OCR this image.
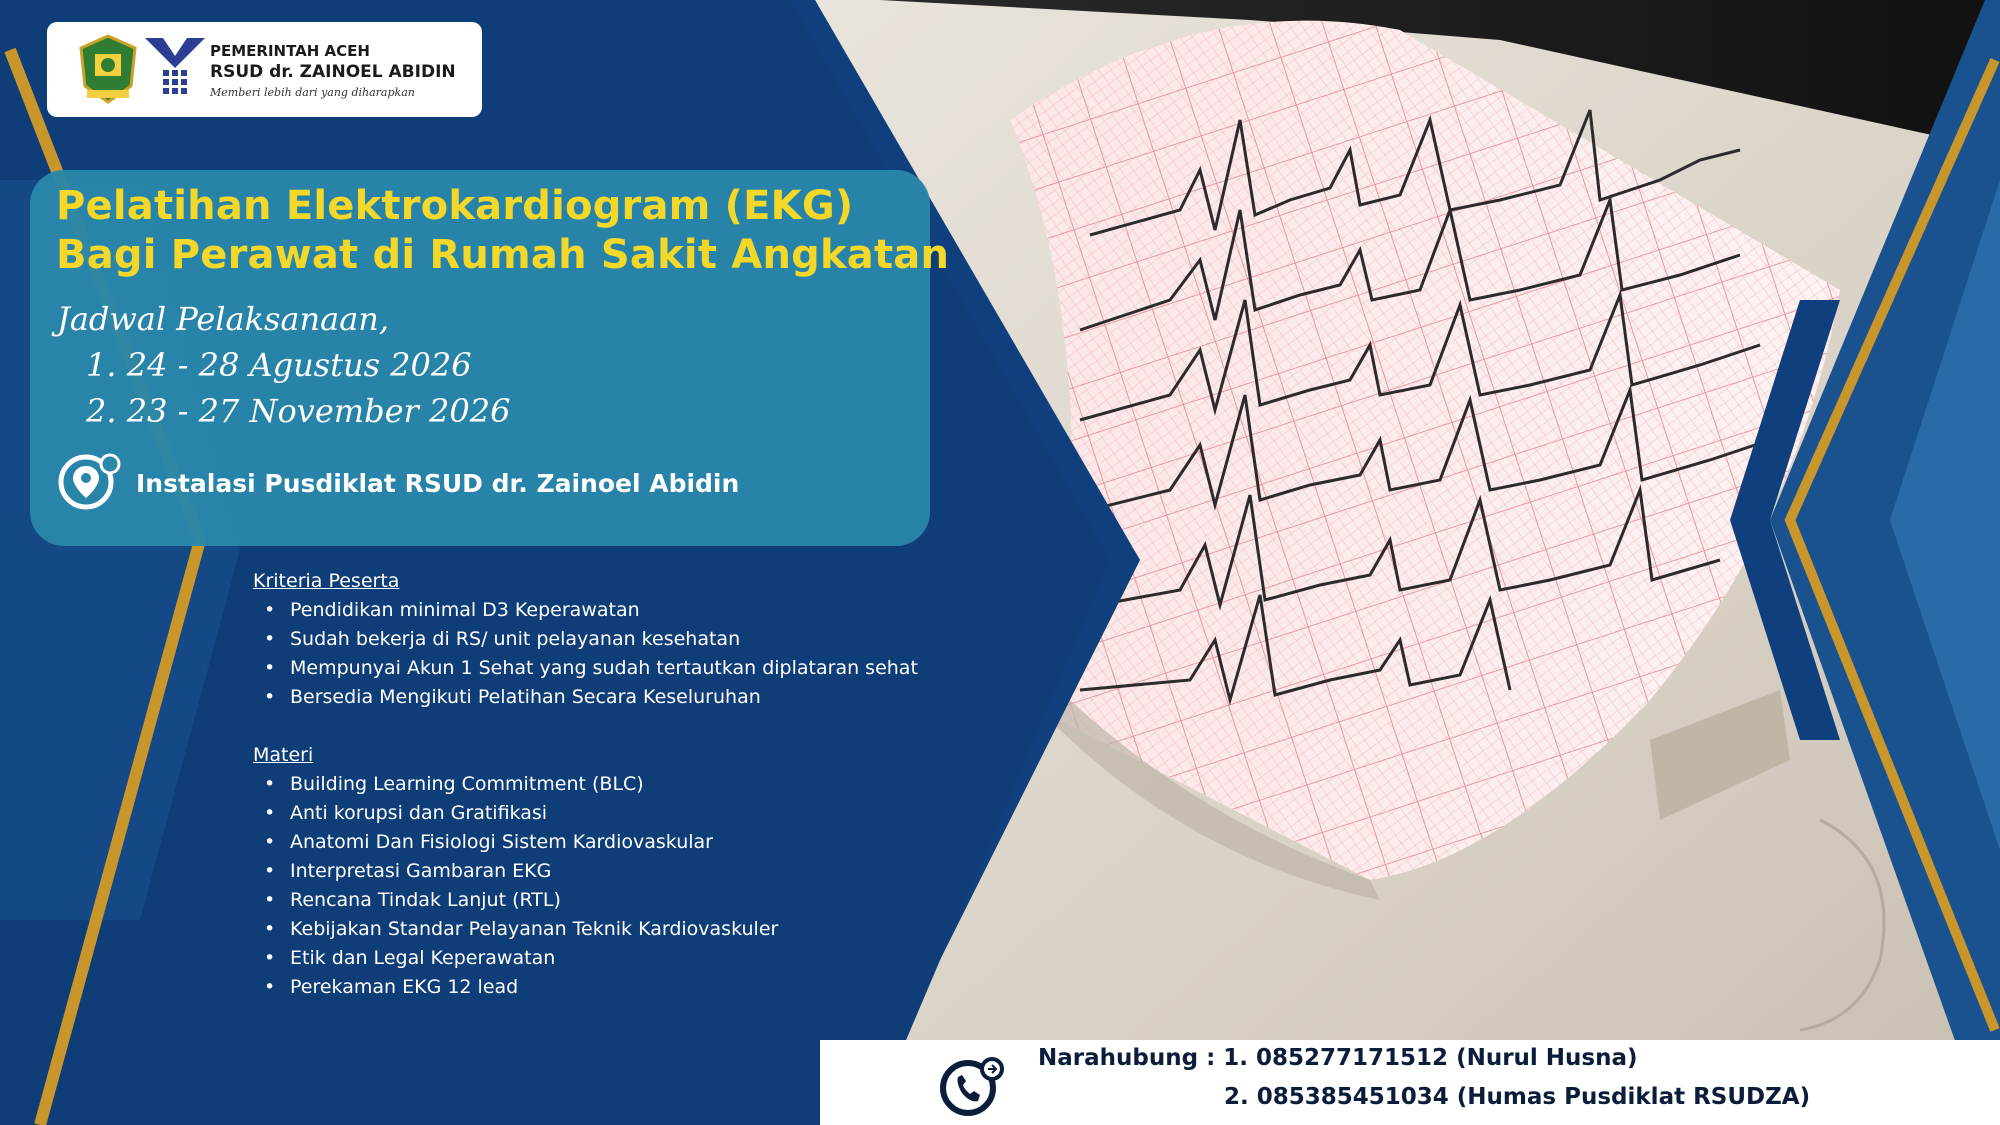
PEMERINTAH ACEH
RSUD dr. ZAINOEL ABIDIN
Memberi lebih dari yang diharapkan
Pelatihan Elektrokardiogram (EKG)
Bagi Perawat di Rumah Sakit Angkatan
Jadwal Pelaksanaan,
1. 24 - 28 Agustus 2026
2. 23 - 27 November 2026
Instalasi Pusdiklat RSUD dr. Zainoel Abidin
Kriteria Peserta
• Pendidikan minimal D3 Keperawatan
• Sudah bekerja di RS/ unit pelayanan kesehatan
• Mempunyai Akun 1 Sehat yang sudah tertautkan diplataran sehat
• Bersedia Mengikuti Pelatihan Secara Keseluruhan
Materi
• Building Learning Commitment (BLC)
• Anti korupsi dan Gratifikasi
• Anatomi Dan Fisiologi Sistem Kardiovaskular
• Interpretasi Gambaran EKG
• Rencana Tindak Lanjut (RTL)
• Kebijakan Standar Pelayanan Teknik Kardiovaskuler
• Etik dan Legal Keperawatan
• Perekaman EKG 12 lead
Narahubung : 1. 085277171512 (Nurul Husna)
2. 085385451034 (Humas Pusdiklat RSUDZA)
